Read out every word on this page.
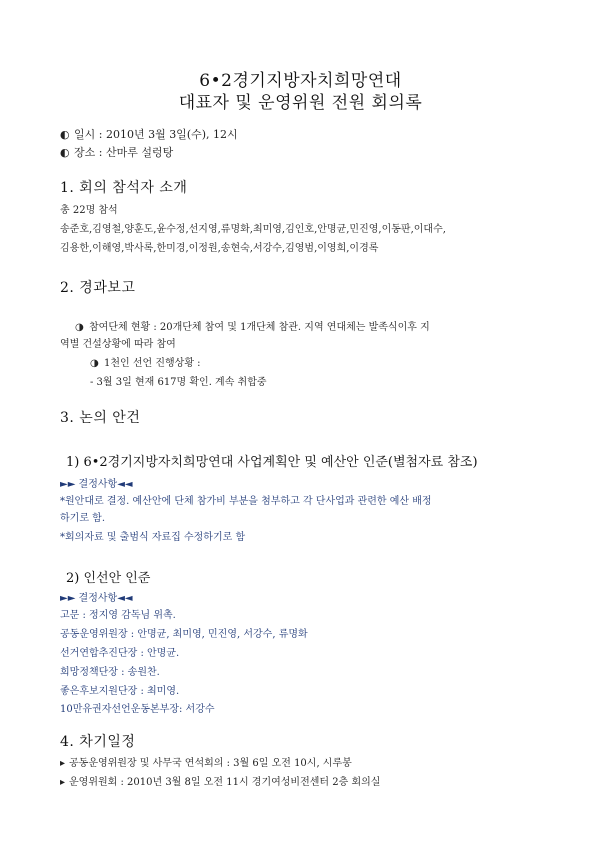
6•2경기지방자치희망연대
대표자 및 운영위원 전원 회의록
◐ 일시 : 2010년 3월 3일(수), 12시
◐ 장소 : 산마루 설렁탕
1. 회의 참석자 소개
총 22명 참석
송준호,김영철,양훈도,윤수정,선지영,류명화,최미영,김인호,안명균,민진영,이동판,이대수,
김용한,이해영,박사록,한미경,이정원,송현숙,서강수,김영범,이영희,이경록
2. 경과보고
◑ 참여단체 현황 : 20개단체 참여 및 1개단체 참관. 지역 연대체는 발족식이후 지
역별 건설상황에 따라 참여
◑ 1천인 선언 진행상황 :
- 3월 3일 현재 617명 확인. 계속 취합중
3. 논의 안건
1) 6•2경기지방자치희망연대 사업계획안 및 예산안 인준(별첨자료 참조)
►► 결정사항◄◄
*원안대로 결정. 예산안에 단체 참가비 부분을 첨부하고 각 단사업과 관련한 예산 배정
하기로 함.
*회의자료 및 출범식 자료집 수정하기로 함
2) 인선안 인준
►► 결정사항◄◄
고문 : 정지영 감독님 위촉.
공동운영위원장 : 안명균, 최미영, 민진영, 서강수, 류명화
선거연합추진단장 : 안명균.
희망정책단장 : 송원찬.
좋은후보지원단장 : 최미영.
10만유권자선언운동본부장: 서강수
4. 차기일정
▸ 공동운영위원장 및 사무국 연석회의 : 3월 6일 오전 10시, 시루봉
▸ 운영위원회 : 2010년 3월 8일 오전 11시 경기여성비전센터 2층 회의실
